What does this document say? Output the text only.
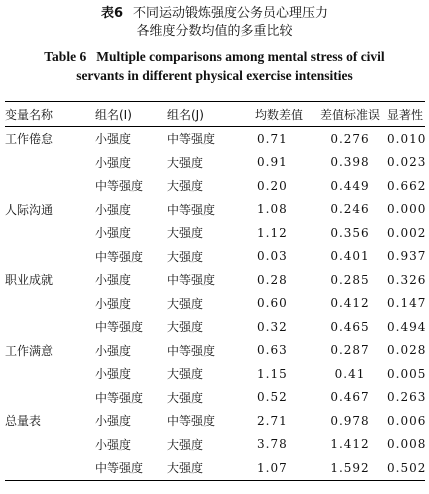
表6 不同运动锻炼强度公务员心理压力

各维度分数均值的多重比较

Table 6 Multiple comparisons among mental stress of civil

servants in different physical exercise intensities

变量名称	组名(I)	组名(J)	均数差值	差值标准误	显著性
工作倦怠	小强度	中等强度	0.71	0.276	0.010
	小强度	大强度	0.91	0.398	0.023
	中等强度	大强度	0.20	0.449	0.662
人际沟通	小强度	中等强度	1.08	0.246	0.000
	小强度	大强度	1.12	0.356	0.002
	中等强度	大强度	0.03	0.401	0.937
职业成就	小强度	中等强度	0.28	0.285	0.326
	小强度	大强度	0.60	0.412	0.147
	中等强度	大强度	0.32	0.465	0.494
工作满意	小强度	中等强度	0.63	0.287	0.028
	小强度	大强度	1.15	0.41	0.005
	中等强度	大强度	0.52	0.467	0.263
总量表	小强度	中等强度	2.71	0.978	0.006
	小强度	大强度	3.78	1.412	0.008
	中等强度	大强度	1.07	1.592	0.502
